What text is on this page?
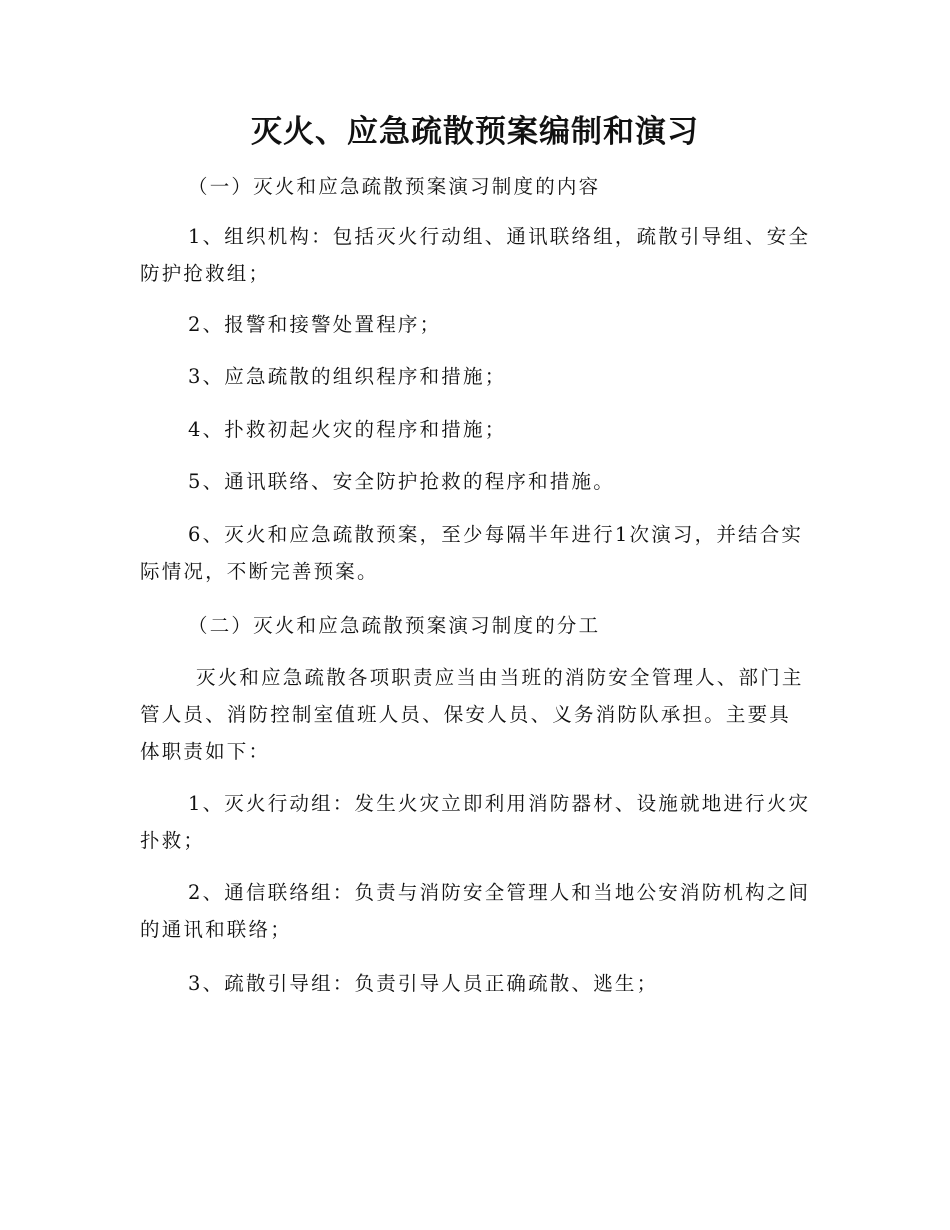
灭火、应急疏散预案编制和演习

（一）灭火和应急疏散预案演习制度的内容

1、组织机构：包括灭火行动组、通讯联络组，疏散引导组、安全
防护抢救组；

2、报警和接警处置程序；

3、应急疏散的组织程序和措施；

4、扑救初起火灾的程序和措施；

5、通讯联络、安全防护抢救的程序和措施。

6、灭火和应急疏散预案，至少每隔半年进行1次演习，并结合实
际情况，不断完善预案。

（二）灭火和应急疏散预案演习制度的分工

灭火和应急疏散各项职责应当由当班的消防安全管理人、部门主
管人员、消防控制室值班人员、保安人员、义务消防队承担。主要具
体职责如下：

1、灭火行动组：发生火灾立即利用消防器材、设施就地进行火灾
扑救；

2、通信联络组：负责与消防安全管理人和当地公安消防机构之间
的通讯和联络；

3、疏散引导组：负责引导人员正确疏散、逃生；
